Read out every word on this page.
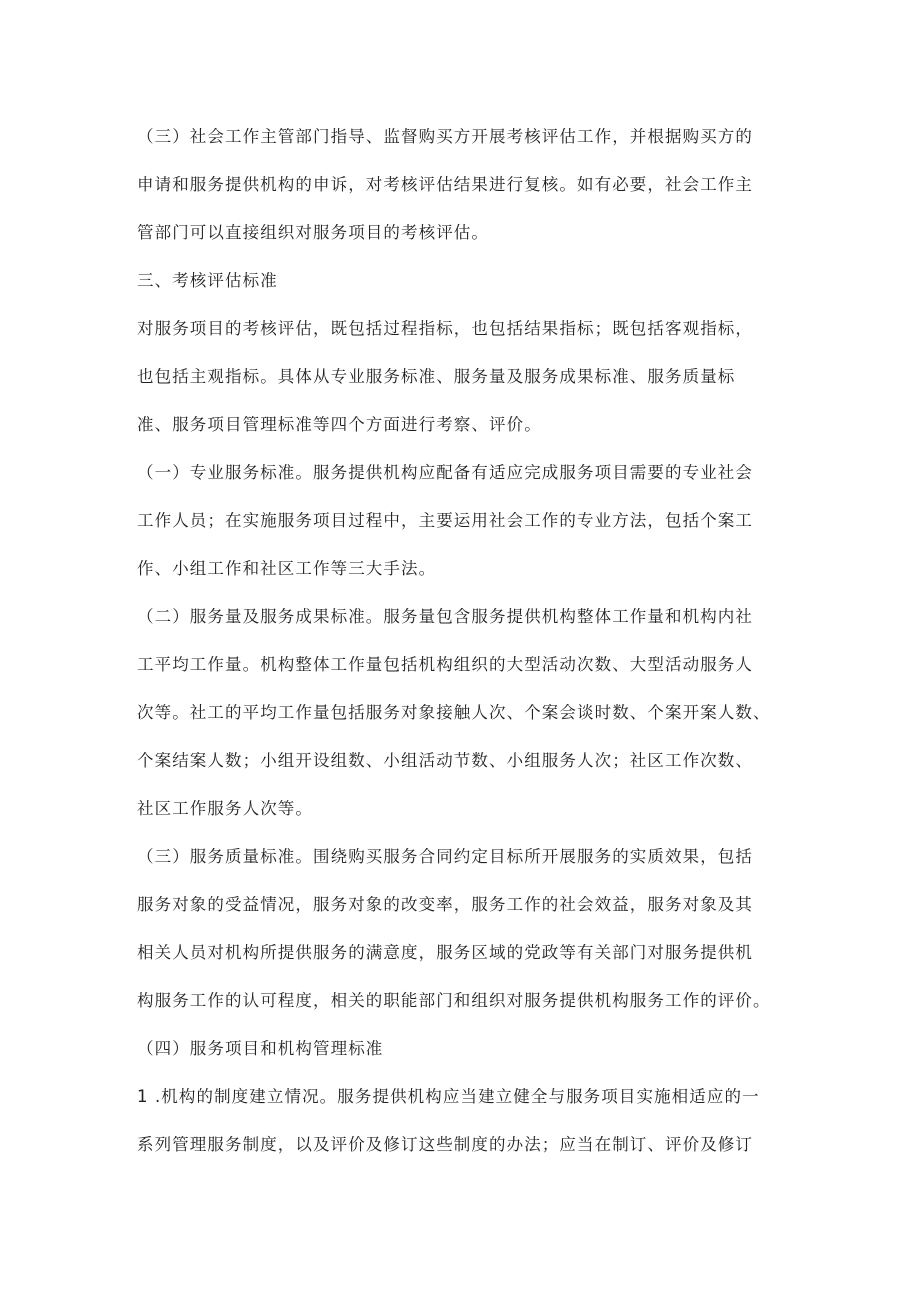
（三）社会工作主管部门指导、监督购买方开展考核评估工作，并根据购买方的
申请和服务提供机构的申诉，对考核评估结果进行复核。如有必要，社会工作主
管部门可以直接组织对服务项目的考核评估。
三、考核评估标准
对服务项目的考核评估，既包括过程指标，也包括结果指标；既包括客观指标，
也包括主观指标。具体从专业服务标准、服务量及服务成果标准、服务质量标
准、服务项目管理标准等四个方面进行考察、评价。
（一）专业服务标准。服务提供机构应配备有适应完成服务项目需要的专业社会
工作人员；在实施服务项目过程中，主要运用社会工作的专业方法，包括个案工
作、小组工作和社区工作等三大手法。
（二）服务量及服务成果标准。服务量包含服务提供机构整体工作量和机构内社
工平均工作量。机构整体工作量包括机构组织的大型活动次数、大型活动服务人
次等。社工的平均工作量包括服务对象接触人次、个案会谈时数、个案开案人数、
个案结案人数；小组开设组数、小组活动节数、小组服务人次；社区工作次数、
社区工作服务人次等。
（三）服务质量标准。围绕购买服务合同约定目标所开展服务的实质效果，包括
服务对象的受益情况，服务对象的改变率，服务工作的社会效益，服务对象及其
相关人员对机构所提供服务的满意度，服务区域的党政等有关部门对服务提供机
构服务工作的认可程度，相关的职能部门和组织对服务提供机构服务工作的评价。
（四）服务项目和机构管理标准
1 .机构的制度建立情况。服务提供机构应当建立健全与服务项目实施相适应的一
系列管理服务制度，以及评价及修订这些制度的办法；应当在制订、评价及修订
